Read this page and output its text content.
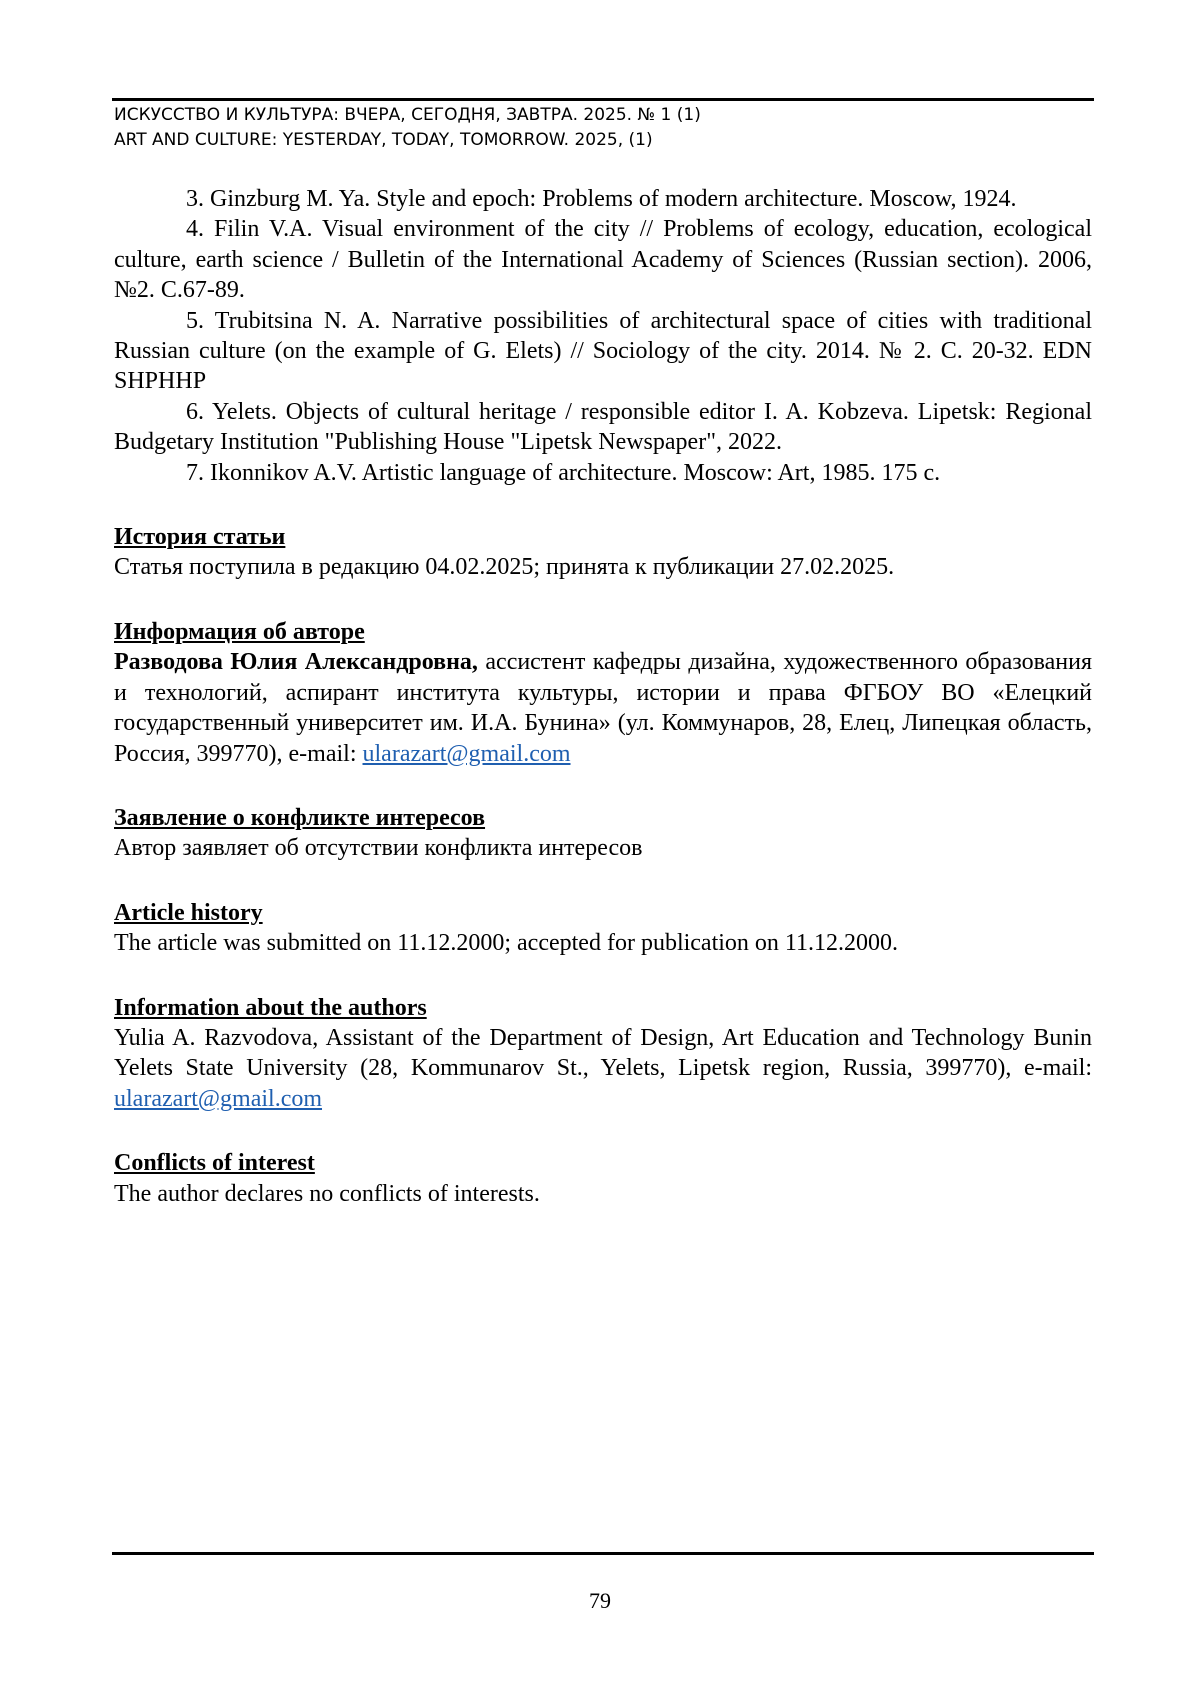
ИСКУССТВО И КУЛЬТУРА: ВЧЕРА, СЕГОДНЯ, ЗАВТРА. 2025. № 1 (1)
ART AND CULTURE: YESTERDAY, TODAY, TOMORROW. 2025, (1)

3. Ginzburg M. Ya. Style and epoch: Problems of modern architecture. Moscow, 1924.

4. Filin V.A. Visual environment of the city // Problems of ecology, education, eco­logical culture, earth science / Bulletin of the International Academy of Sciences (Russian section). 2006, №2. C.67-89.

5. Trubitsina N. A. Narrative possibilities of architectural space of cities with tradi­tional Russian culture (on the example of G. Elets) // Sociology of the city. 2014. № 2. C. 20-32. EDN SHPHHP

6. Yelets. Objects of cultural heritage / responsible editor I. A. Kobzeva. Lipetsk: Regional Budgetary Institution "Publishing House "Lipetsk Newspaper", 2022.

7. Ikonnikov A.V. Artistic language of architecture. Moscow: Art, 1985. 175 c.

История статьи

Статья поступила в редакцию 04.02.2025; принята к публикации 27.02.2025.

Информация об авторе

Разводова Юлия Александровна, ассистент кафедры дизайна, художественного об­разования и технологий, аспирант института культуры, истории и права ФГБОУ ВО «Елецкий государственный университет им. И.А. Бунина» (ул. Коммунаров, 28, Елец, Липецкая область, Россия, 399770), e-mail: ularazart@gmail.com

Заявление о конфликте интересов

Автор заявляет об отсутствии конфликта интересов

Article history

The article was submitted on 11.12.2000; accepted for publication on 11.12.2000.

Information about the authors

Yulia A. Razvodova, Assistant of the Department of Design, Art Education and Technology Bunin Yelets State University (28, Kommunarov St., Yelets, Lipetsk region, Russia, 399770), e-mail: ularazart@gmail.com

Conflicts of interest

The author declares no conflicts of interests.

79
